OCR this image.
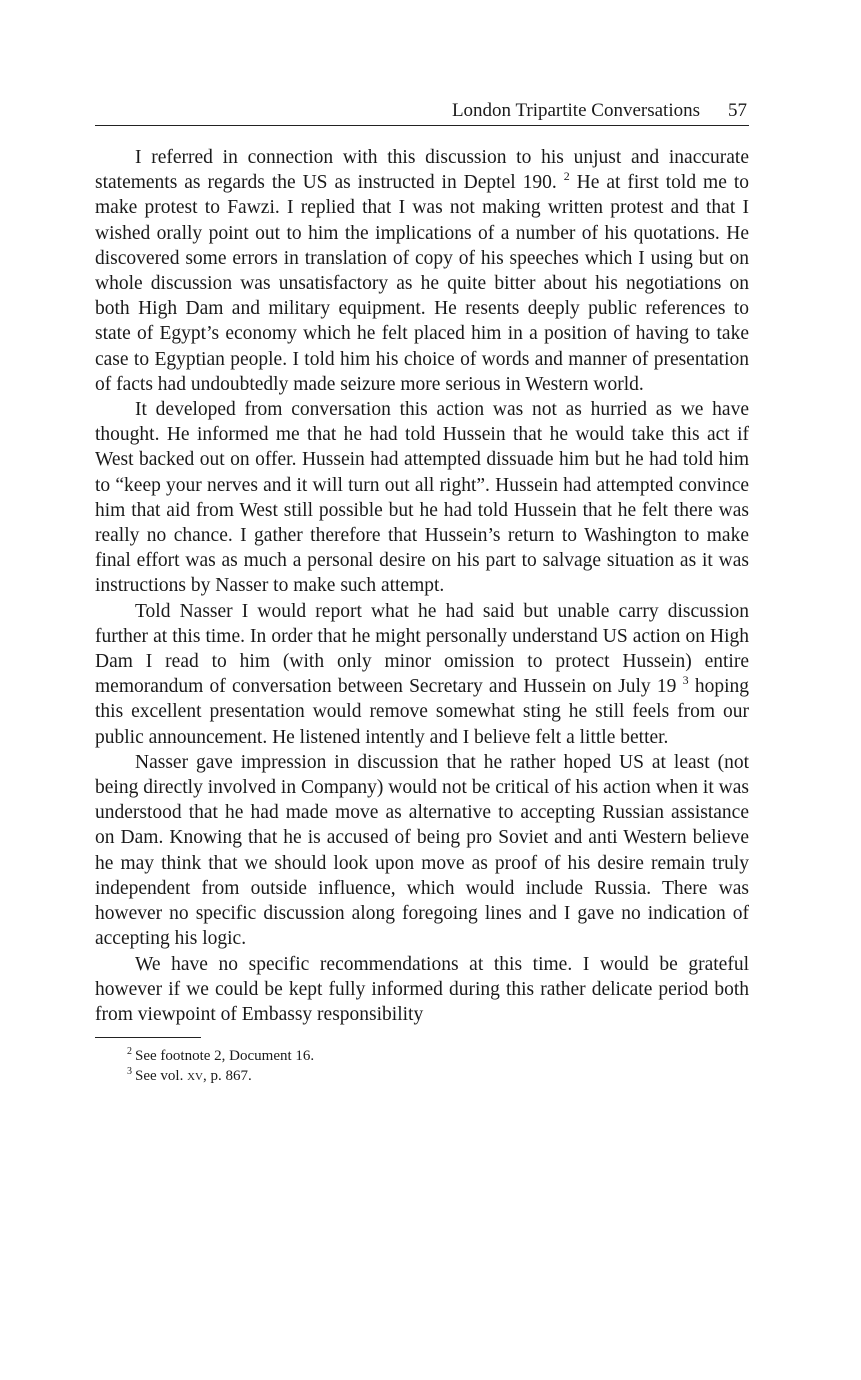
London Tripartite Conversations 57

I referred in connection with this discussion to his unjust and inaccurate statements as regards the US as instructed in Deptel 190. $^2$ He at first told me to make protest to Fawzi. I replied that I was not making written protest and that I wished orally point out to him the implications of a number of his quotations. He discovered some errors in translation of copy of his speeches which I using but on whole discussion was unsatisfactory as he quite bitter about his negotiations on both High Dam and military equipment. He resents deeply public references to state of Egypt’s economy which he felt placed him in a position of having to take case to Egyptian people. I told him his choice of words and manner of presentation of facts had undoubtedly made seizure more serious in Western world.

It developed from conversation this action was not as hurried as we have thought. He informed me that he had told Hussein that he would take this act if West backed out on offer. Hussein had attempted dissuade him but he had told him to “keep your nerves and it will turn out all right”. Hussein had attempted convince him that aid from West still possible but he had told Hussein that he felt there was really no chance. I gather therefore that Hussein’s return to Washington to make final effort was as much a personal desire on his part to salvage situation as it was instructions by Nasser to make such attempt.

Told Nasser I would report what he had said but unable carry discussion further at this time. In order that he might personally understand US action on High Dam I read to him (with only minor omission to protect Hussein) entire memorandum of conversation between Secretary and Hussein on July 19 $^3$ hoping this excellent presentation would remove somewhat sting he still feels from our public announcement. He listened intently and I believe felt a little better.

Nasser gave impression in discussion that he rather hoped US at least (not being directly involved in Company) would not be critical of his action when it was understood that he had made move as alternative to accepting Russian assistance on Dam. Knowing that he is accused of being pro Soviet and anti Western believe he may think that we should look upon move as proof of his desire remain truly independent from outside influence, which would include Russia. There was however no specific discussion along foregoing lines and I gave no indication of accepting his logic.

We have no specific recommendations at this time. I would be grateful however if we could be kept fully informed during this rather delicate period both from viewpoint of Embassy responsibility

$^2$  See footnote 2, Document 16.
$^3$  See vol. xv, p. 867.
